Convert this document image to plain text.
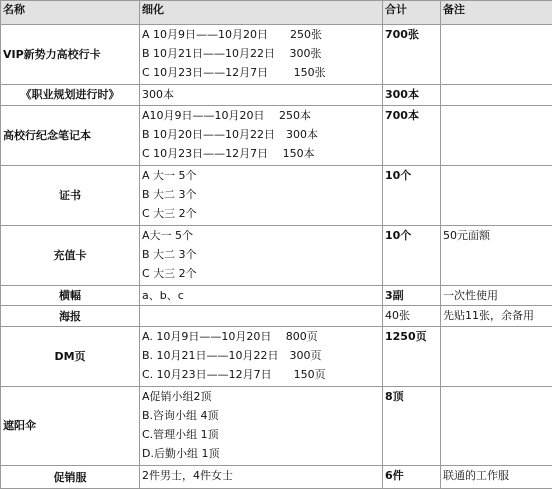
名称	细化	合计	备注
VIP新势力高校行卡	A 10月9日——10月20日　　250张
B 10月21日——10月22日　 300张
C 10月23日——12月7日　　 150张	700张	
《职业规划进行时》	300本	300本	
高校行纪念笔记本	A10月9日——10月20日　 250本
B 10月20日——10月22日　300本
C 10月23日——12月7日　 150本	700本	
证书	A 大一 5个
B 大二 3个
C 大三 2个	10个	
充值卡	A大一 5个
B 大二 3个
C 大三 2个	10个	50元面额
横幅	a、b、c	3副	一次性使用
海报		40张	先贴11张，余备用
DM页	A. 10月9日——10月20日　 800页
B. 10月21日——10月22日　300页
C. 10月23日——12月7日　　150页	1250页	
遮阳伞	A促销小组2顶
B.咨询小组 4顶
C.管理小组 1顶
D.后勤小组 1顶	8顶	
促销服	2件男士，4件女士	6件	联通的工作服
